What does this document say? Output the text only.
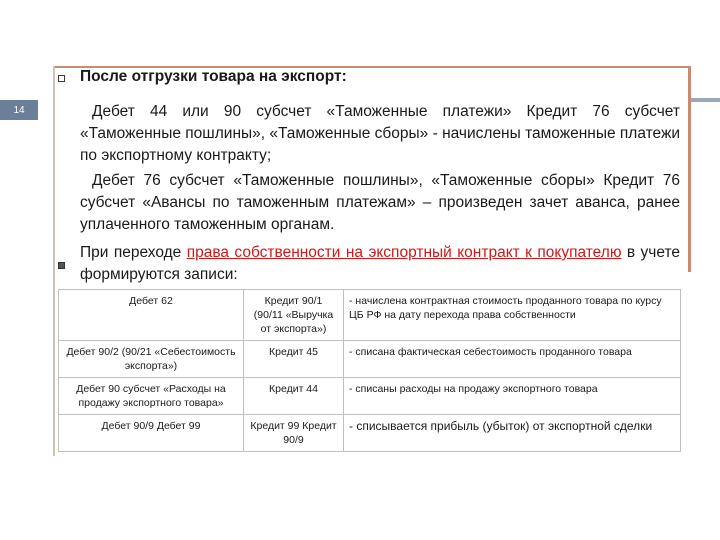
14
После отгрузки товара на экспорт:
Дебет 44 или 90 субсчет «Таможенные платежи» Кредит 76 субсчет «Таможенные пошлины», «Таможенные сборы» - начислены таможенные платежи по экспортному контракту;
Дебет 76 субсчет «Таможенные пошлины», «Таможенные сборы» Кредит 76 субсчет «Авансы по таможенным платежам» – произведен зачет аванса, ранее уплаченного таможенным органам.
При переходе права собственности на экспортный контракт к покупателю в учете формируются записи:
Дебет 62	Кредит 90/1 (90/11 «Выручка от экспорта»)	- начислена контрактная стоимость проданного товара по курсу ЦБ РФ на дату перехода права собственности
Дебет 90/2 (90/21 «Себестоимость экспорта»)	Кредит 45	- списана фактическая себестоимость проданного товара
Дебет 90 субсчет «Расходы на продажу экспортного товара»	Кредит 44	- списаны расходы на продажу экспортного товара
Дебет 90/9 Дебет 99	Кредит 99 Кредит 90/9	- списывается прибыль (убыток) от экспортной сделки
